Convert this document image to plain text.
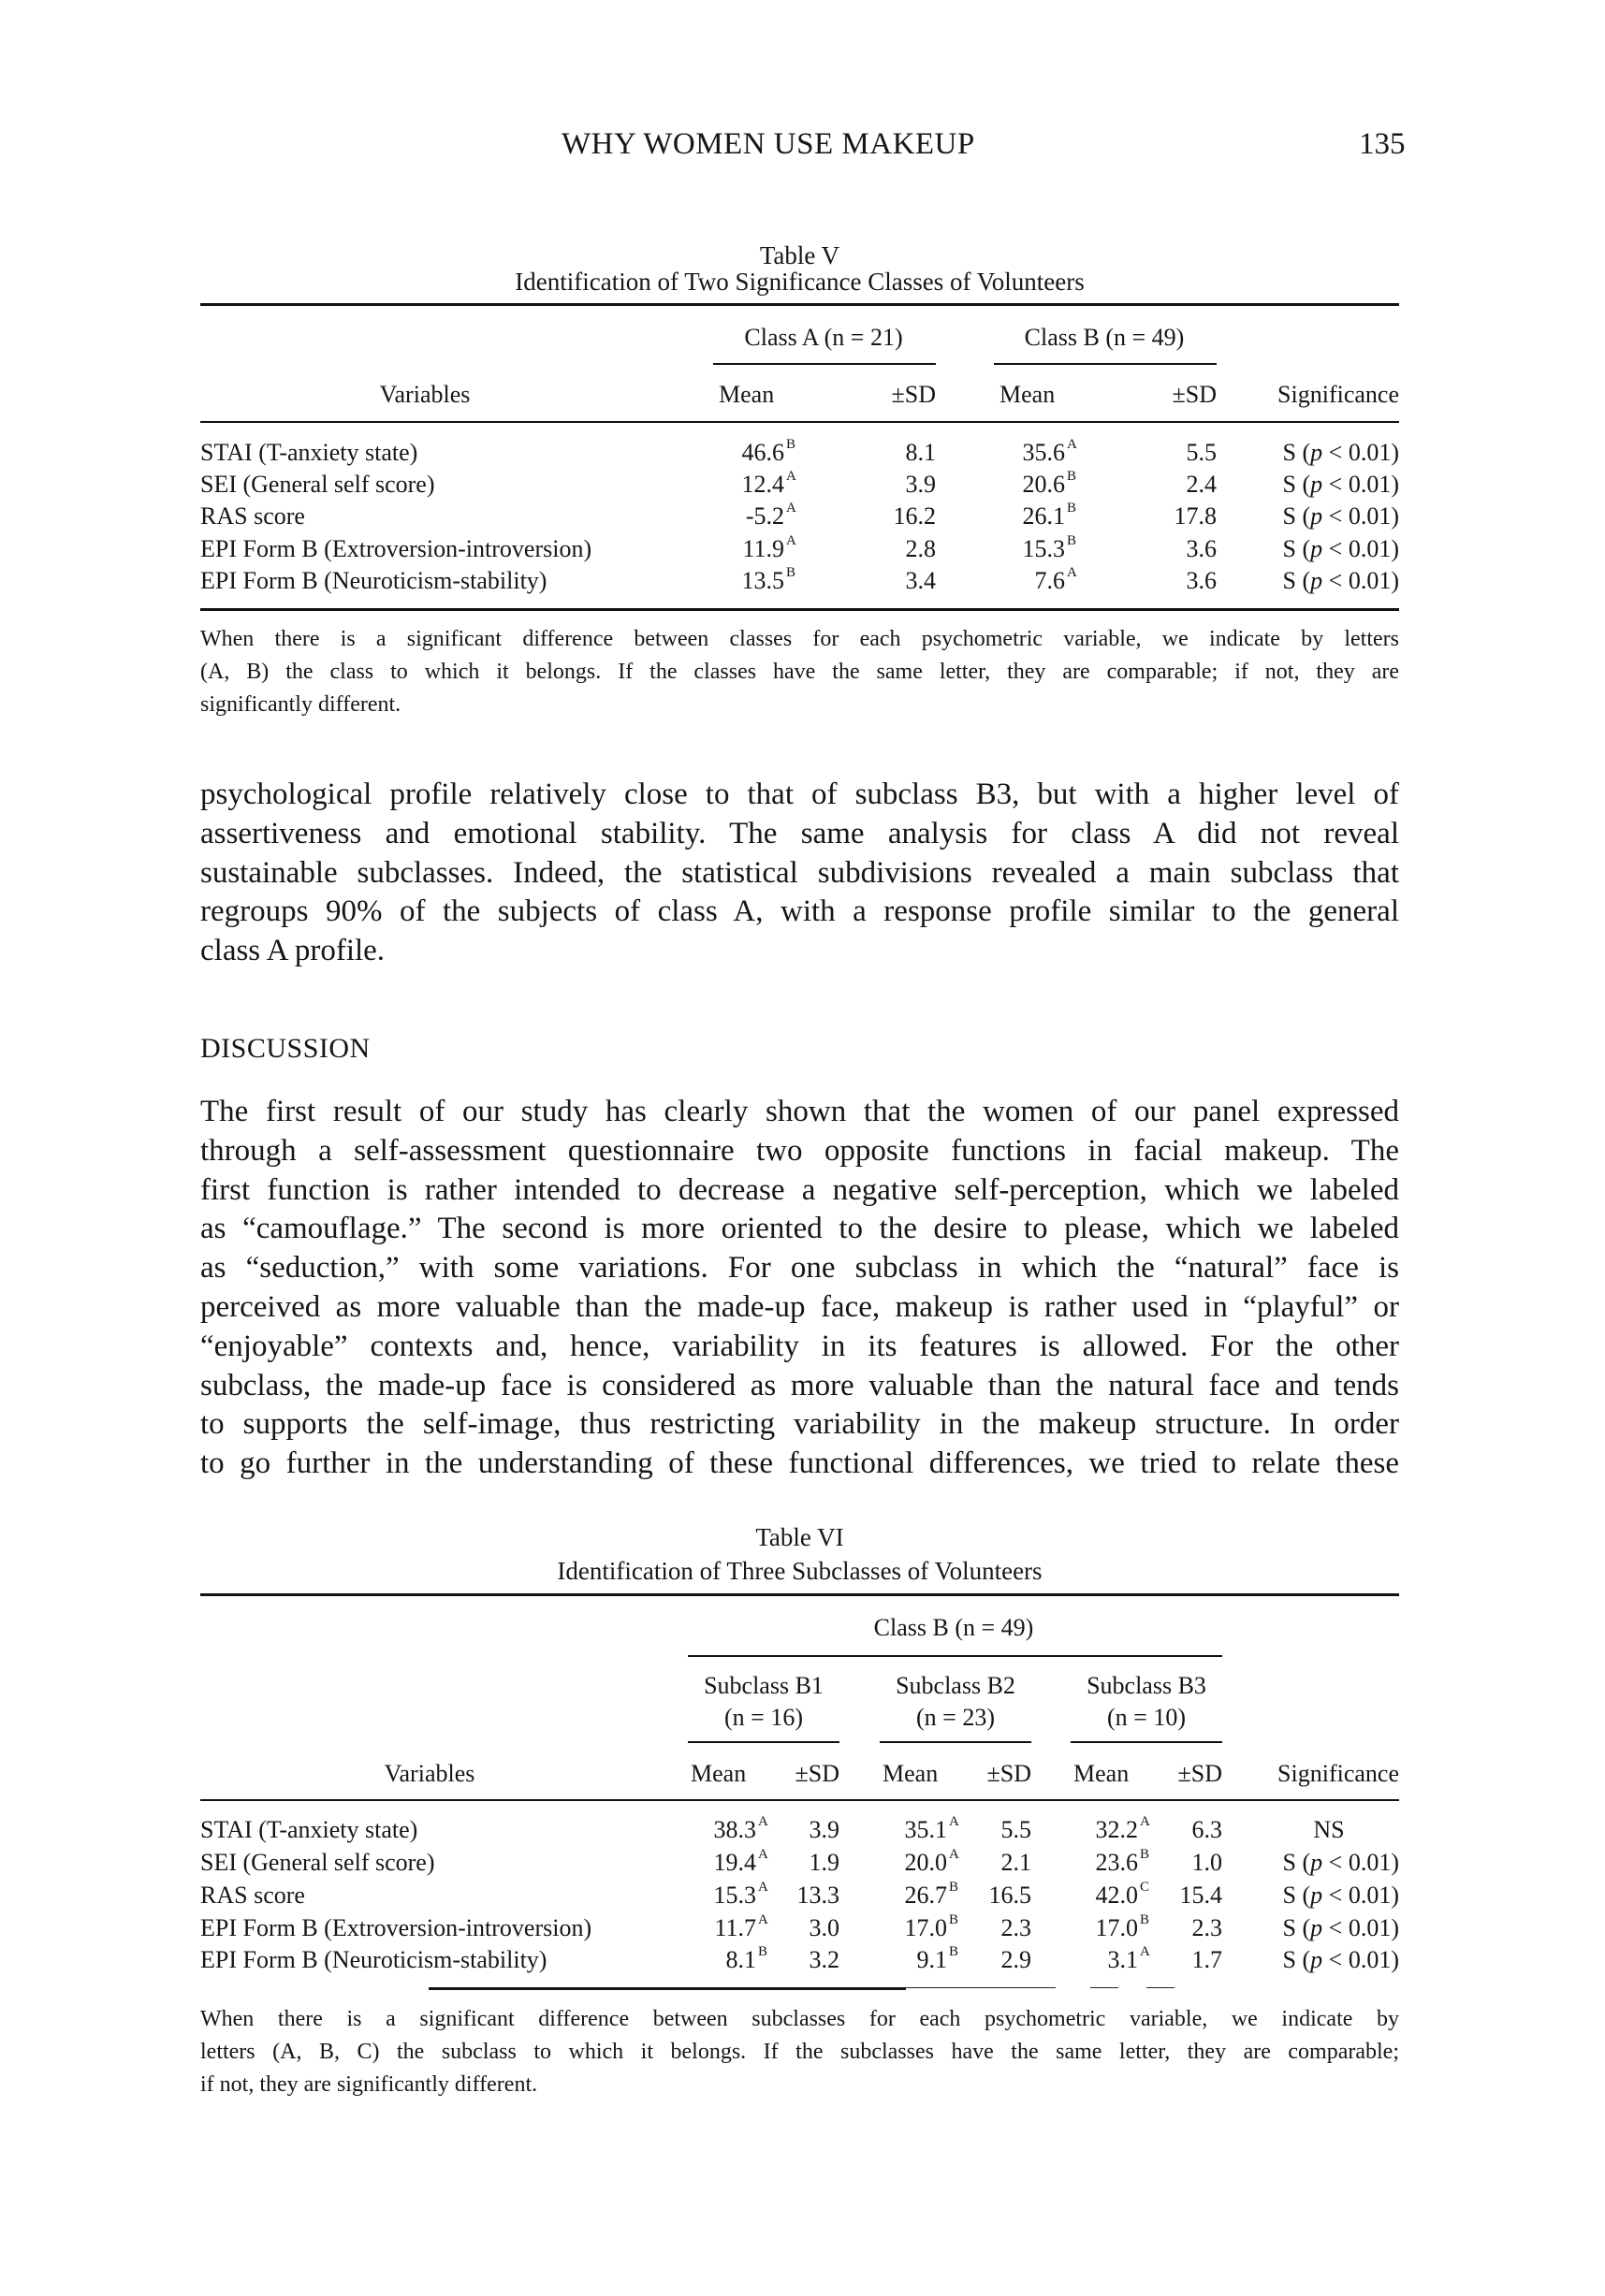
WHY WOMEN USE MAKEUP	135
Table V
Identification of Two Significance Classes of Volunteers
Class A (n = 21)	Class B (n = 49)
Variables	Mean	±SD	Mean	±SD	Significance
STAI (T-anxiety state)	46.6 B	8.1	35.6 A	5.5	S (p < 0.01)
SEI (General self score)	12.4 A	3.9	20.6 B	2.4	S (p < 0.01)
RAS score	-5.2 A	16.2	26.1 B	17.8	S (p < 0.01)
EPI Form B (Extroversion-introversion)	11.9 A	2.8	15.3 B	3.6	S (p < 0.01)
EPI Form B (Neuroticism-stability)	13.5 B	3.4	7.6 A	3.6	S (p < 0.01)
When there is a significant difference between classes for each psychometric variable, we indicate by letters
(A, B) the class to which it belongs. If the classes have the same letter, they are comparable; if not, they are
significantly different.
psychological profile relatively close to that of subclass B3, but with a higher level of
assertiveness and emotional stability. The same analysis for class A did not reveal
sustainable subclasses. Indeed, the statistical subdivisions revealed a main subclass that
regroups 90% of the subjects of class A, with a response profile similar to the general
class A profile.
DISCUSSION
The first result of our study has clearly shown that the women of our panel expressed
through a self-assessment questionnaire two opposite functions in facial makeup. The
first function is rather intended to decrease a negative self-perception, which we labeled
as “camouflage.” The second is more oriented to the desire to please, which we labeled
as “seduction,” with some variations. For one subclass in which the “natural” face is
perceived as more valuable than the made-up face, makeup is rather used in “playful” or
“enjoyable” contexts and, hence, variability in its features is allowed. For the other
subclass, the made-up face is considered as more valuable than the natural face and tends
to supports the self-image, thus restricting variability in the makeup structure. In order
to go further in the understanding of these functional differences, we tried to relate these
Table VI
Identification of Three Subclasses of Volunteers
Class B (n = 49)
Subclass B1
(n = 16)
Subclass B2
(n = 23)
Subclass B3
(n = 10)
Variables	Mean	±SD Mean	±SD Mean	±SD	Significance
STAI (T-anxiety state)	38.3 A	3.9	35.1 A	5.5	32.2 A	6.3	NS
SEI (General self score)	19.4 A	1.9	20.0 A	2.1	23.6 B	1.0	S (p < 0.01)
RAS score	15.3 A	13.3	26.7 B	16.5	42.0 C	15.4	S (p < 0.01)
EPI Form B (Extroversion-introversion)	11.7 A	3.0	17.0 B	2.3	17.0 B	2.3	S (p < 0.01)
EPI Form B (Neuroticism-stability)	8.1 B	3.2	9.1 B	2.9	3.1 A	1.7	S (p < 0.01)
When there is a significant difference between subclasses for each psychometric variable, we indicate by
letters (A, B, C) the subclass to which it belongs. If the subclasses have the same letter, they are comparable;
if not, they are significantly different.
